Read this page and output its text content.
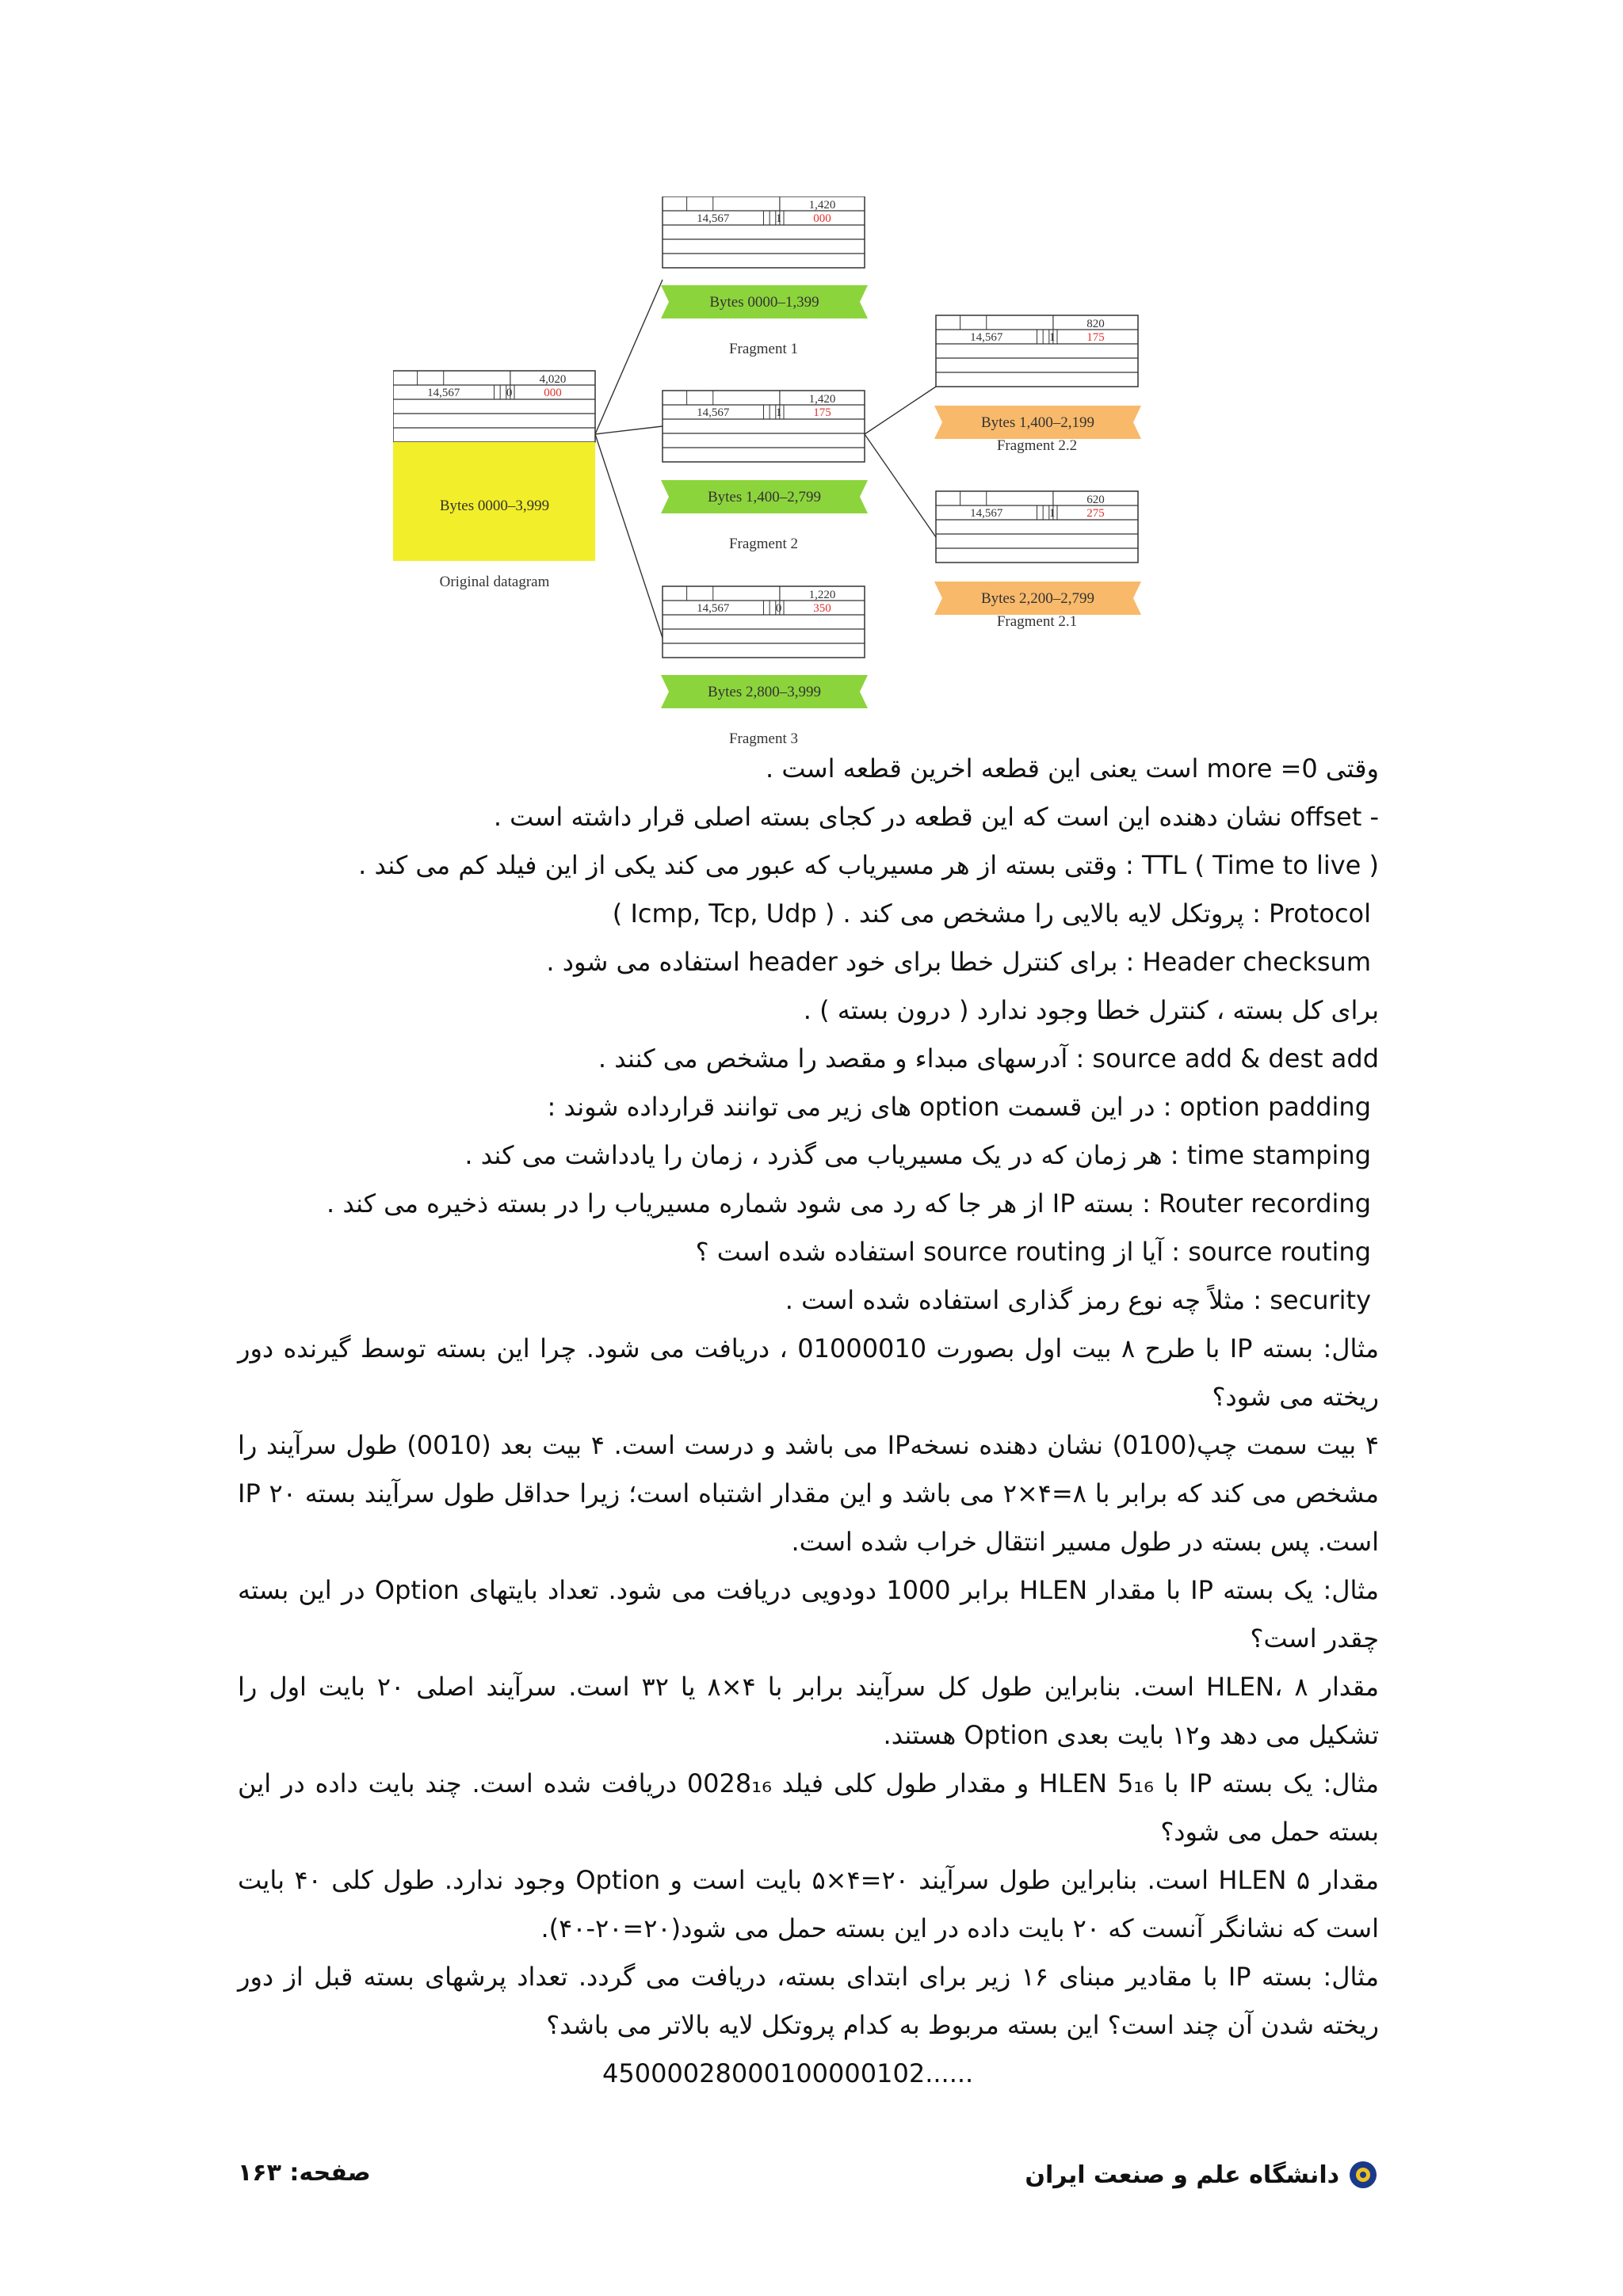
4,020
14,567	0	000
Bytes 0000–3,999
Original datagram
1,420
14,567	1	000
Bytes 0000–1,399
Fragment 1
1,420
14,567	1	175
Bytes 1,400–2,799
Fragment 2
1,220
14,567	0	350
Bytes 2,800–3,999
Fragment 3
820
14,567	1	175
Bytes 1,400–2,199
Fragment 2.2
620
14,567	1	275
Bytes 2,200–2,799
Fragment 2.1
وقتی more =0 است یعنی این قطعه اخرین قطعه است .
- offset نشان دهنده این است که این قطعه در کجای بسته اصلی قرار داشته است .
TTL ( Time to live ) : وقتی بسته از هر مسیریاب که عبور می کند یکی از این فیلد کم می کند .
Protocol : پروتکل لایه بالایی را مشخص می کند . ( Icmp, Tcp, Udp )
Header checksum : برای کنترل خطا برای خود header استفاده می شود .
برای کل بسته ، کنترل خطا وجود ندارد ( درون بسته ) .
source add & dest add : آدرسهای مبداء و مقصد را مشخص می کنند .
option padding : در این قسمت option های زیر می توانند قرارداده شوند :
time stamping : هر زمان که در یک مسیریاب می گذرد ، زمان را یادداشت می کند .
Router recording : بسته IP از هر جا که رد می شود شماره مسیریاب را در بسته ذخیره می کند .
source routing : آیا از source routing استفاده شده است ؟
security : مثلاً چه نوع رمز گذاری استفاده شده است .
مثال: بسته IP با طرح ۸ بیت اول بصورت 01000010 ، دریافت می شود. چرا این بسته توسط گیرنده دور ریخته می شود؟
۴ بیت سمت چپ(0100) نشان دهنده نسخهIP می باشد و درست است. ۴ بیت بعد (0010) طول سرآیند را مشخص می کند که برابر با ۸=۴×۲ می باشد و این مقدار اشتباه است؛ زیرا حداقل طول سرآیند بسته IP ۲۰ است. پس بسته در طول مسیر انتقال خراب شده است.
مثال: یک بسته IP با مقدار HLEN برابر 1000 دودویی دریافت می شود. تعداد بایتهای Option در این بسته چقدر است؟
مقدار HLEN، ۸ است. بنابراین طول کل سرآیند برابر با ۴×۸ یا ۳۲ است. سرآیند اصلی ۲۰ بایت اول را تشکیل می دهد و۱۲ بایت بعدی Option هستند.
مثال: یک بسته IP با HLEN 5₁₆ و مقدار طول کلی فیلد 0028₁₆ دریافت شده است. چند بایت داده در این بسته حمل می شود؟
مقدار HLEN ۵ است. بنابراین طول سرآیند ۲۰=۴×۵ بایت است و Option وجود ندارد. طول کلی ۴۰ بایت است که نشانگر آنست که ۲۰ بایت داده در این بسته حمل می شود(۲۰=۲۰-۴۰).
مثال: بسته IP با مقادیر مبنای ۱۶ زیر برای ابتدای بسته، دریافت می گردد. تعداد پرشهای بسته قبل از دور ریخته شدن آن چند است؟ این بسته مربوط به کدام پروتکل لایه بالاتر می باشد؟
45000028000100000102......
دانشگاه علم و صنعت ایران
صفحه: ۱۶۳
